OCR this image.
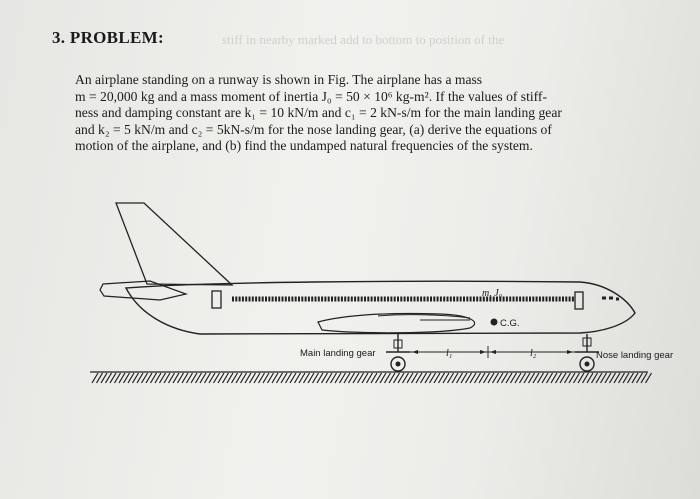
stiff in nearby marked add to bottom to position of the
3. PROBLEM:
An airplane standing on a runway is shown in Fig. The airplane has a mass
m = 20,000 kg and a mass moment of inertia J₀ = 50 × 10⁶ kg-m². If the values of stiff-
ness and damping constant are k₁ = 10 kN/m and c₁ = 2 kN-s/m for the main landing gear
and k₂ = 5 kN/m and c₂ = 5kN-s/m for the nose landing gear, (a) derive the equations of
motion of the airplane, and (b) find the undamped natural frequencies of the system.
C.G.
m, J₀
l₁	l₂
Main landing gear	Nose landing gear
